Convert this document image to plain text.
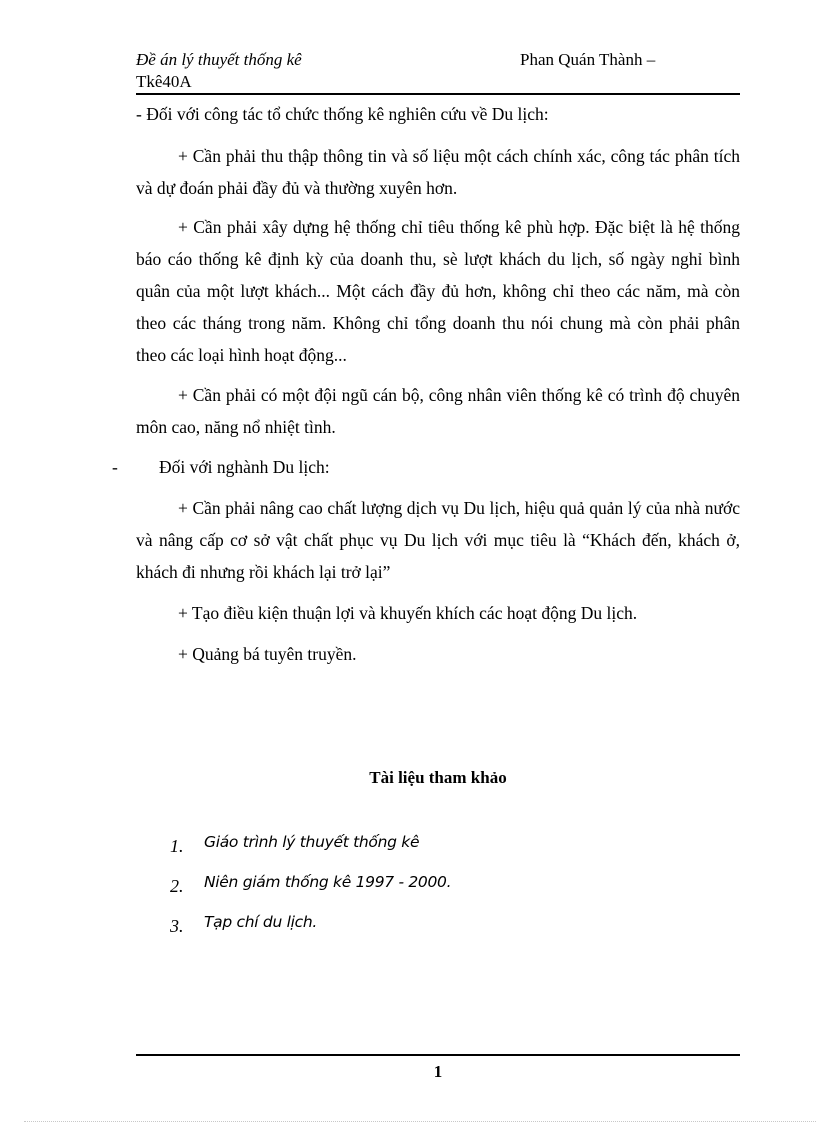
Đề án lý thuyết thống kê	Phan Quán Thành –
Tkê40A

- Đối với công tác tổ chức thống kê nghiên cứu về Du lịch:

+ Cần phải thu thập thông tin và số liệu một cách chính xác, công tác phân tích và dự đoán phải đầy đủ và thường xuyên hơn.

+ Cần phải xây dựng hệ thống chỉ tiêu thống kê phù hợp. Đặc biệt là hệ thống báo cáo thống kê định kỳ của doanh thu, sè lượt khách du lịch, số ngày nghỉ bình quân của một lượt khách... Một cách đầy đủ hơn, không chỉ theo các năm, mà còn theo các tháng trong năm. Không chỉ tổng doanh thu nói chung mà còn phải phân theo các loại hình hoạt động...

+ Cần phải có một đội ngũ cán bộ, công nhân viên thống kê có trình độ chuyên môn cao, năng nổ nhiệt tình.

- Đối với nghành Du lịch:

+ Cần phải nâng cao chất lượng dịch vụ Du lịch, hiệu quả quản lý của nhà nước và nâng cấp cơ sở vật chất phục vụ Du lịch với mục tiêu là “Khách đến, khách ở, khách đi nhưng rồi khách lại trở lại”

+ Tạo điều kiện thuận lợi và khuyến khích các hoạt động Du lịch.

+ Quảng bá tuyên truyền.

Tài liệu tham khảo
1. Giáo trình lý thuyết thống kê
2. Niên giám thống kê 1997 - 2000.
3. Tạp chí du lịch.
1
